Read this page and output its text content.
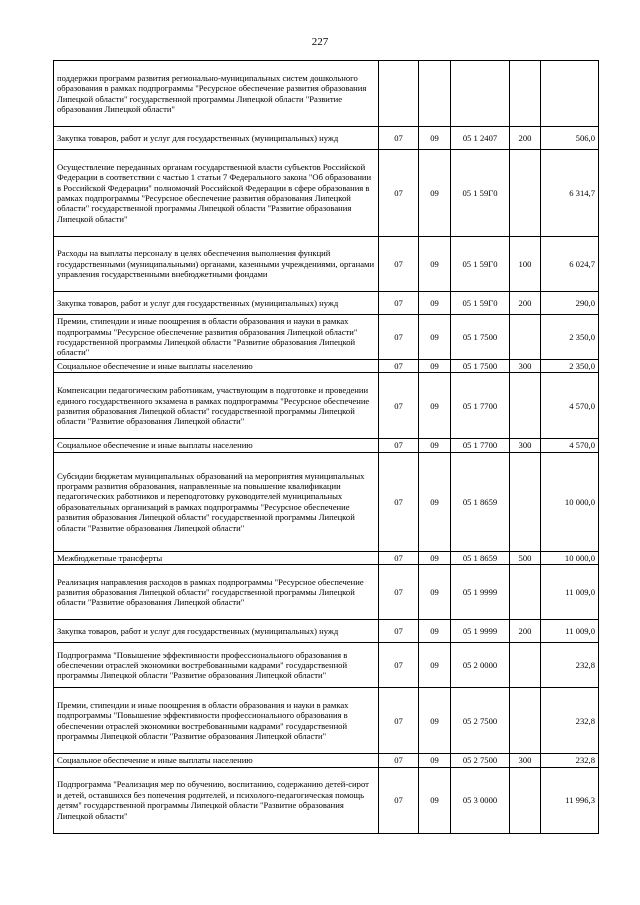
227
поддержки программ развития регионально-муниципальных систем дошкольного образования в рамках подпрограммы "Ресурсное обеспечение развития образования Липецкой области" государственной программы Липецкой области "Развитие образования Липецкой области"					
Закупка товаров, работ и услуг для государственных (муниципальных) нужд	07	09	05 1 2407	200	506,0
Осуществление переданных органам государственной власти субъектов Российской Федерации в соответствии с частью 1 статьи 7 Федерального закона "Об образовании в Российской Федерации" полномочий Российской Федерации в сфере образования в рамках подпрограммы "Ресурсное обеспечение развития образования Липецкой области" государственной программы Липецкой области "Развитие образования Липецкой области"	07	09	05 1 59Г0		6 314,7
Расходы на выплаты персоналу в целях обеспечения выполнения функций государственными (муниципальными) органами, казенными учреждениями, органами управления государственными внебюджетными фондами	07	09	05 1 59Г0	100	6 024,7
Закупка товаров, работ и услуг для государственных (муниципальных) нужд	07	09	05 1 59Г0	200	290,0
Премии, стипендии и иные поощрения в области образования и науки в рамках подпрограммы "Ресурсное обеспечение развития образования Липецкой области" государственной программы Липецкой области "Развитие образования Липецкой области"	07	09	05 1 7500		2 350,0
Социальное обеспечение и иные выплаты населению	07	09	05 1 7500	300	2 350,0
Компенсации педагогическим работникам, участвующим в подготовке и проведении единого государственного экзамена в рамках подпрограммы "Ресурсное обеспечение развития образования Липецкой области" государственной программы Липецкой области "Развитие образования Липецкой области"	07	09	05 1 7700		4 570,0
Социальное обеспечение и иные выплаты населению	07	09	05 1 7700	300	4 570,0
Субсидии бюджетам муниципальных образований на мероприятия муниципальных программ развития образования, направленные на повышение квалификации педагогических работников и переподготовку руководителей муниципальных образовательных организаций в рамках подпрограммы "Ресурсное обеспечение развития образования Липецкой области" государственной программы Липецкой области "Развитие образования Липецкой области"	07	09	05 1 8659		10 000,0
Межбюджетные трансферты	07	09	05 1 8659	500	10 000,0
Реализация направления расходов в рамках подпрограммы "Ресурсное обеспечение развития образования Липецкой области" государственной программы Липецкой области "Развитие образования Липецкой области"	07	09	05 1 9999		11 009,0
Закупка товаров, работ и услуг для государственных (муниципальных) нужд	07	09	05 1 9999	200	11 009,0
Подпрограмма "Повышение эффективности профессионального образования в обеспечении отраслей экономики востребованными кадрами" государственной программы Липецкой области "Развитие образования Липецкой области"	07	09	05 2 0000		232,8
Премии, стипендии и иные поощрения в области образования и науки в рамках подпрограммы "Повышение эффективности профессионального образования в обеспечении отраслей экономики востребованными кадрами" государственной программы Липецкой области "Развитие образования Липецкой области"	07	09	05 2 7500		232,8
Социальное обеспечение и иные выплаты населению	07	09	05 2 7500	300	232,8
Подпрограмма "Реализация мер по обучению, воспитанию, содержанию детей-сирот и детей, оставшихся без попечения родителей, и психолого-педагогическая помощь детям" государственной программы Липецкой области "Развитие образования Липецкой области"	07	09	05 3 0000		11 996,3
